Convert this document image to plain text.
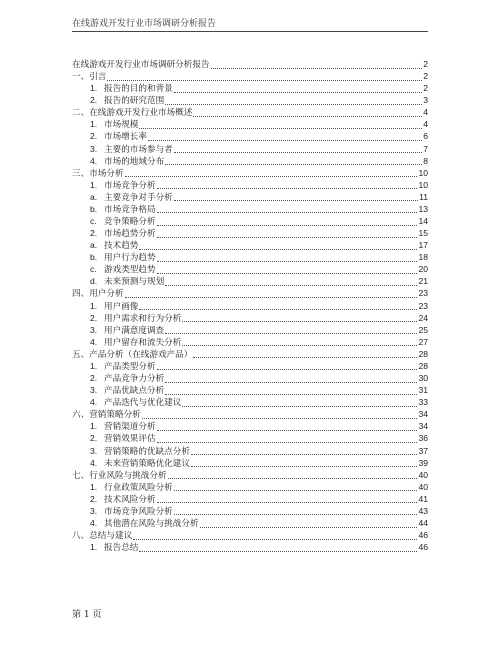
在线游戏开发行业市场调研分析报告
在线游戏开发行业市场调研分析报告	2
一、引言	2
1. 报告的目的和背景	2
2. 报告的研究范围	3
二、在线游戏开发行业市场概述	4
1. 市场规模	4
2. 市场增长率	6
3. 主要的市场参与者	7
4. 市场的地域分布	8
三、市场分析	10
1. 市场竞争分析	10
a. 主要竞争对手分析	11
b. 市场竞争格局	13
c. 竞争策略分析	14
2. 市场趋势分析	15
a. 技术趋势	17
b. 用户行为趋势	18
c. 游戏类型趋势	20
d. 未来预测与规划	21
四、用户分析	23
1. 用户画像	23
2. 用户需求和行为分析	24
3. 用户满意度调查	25
4. 用户留存和流失分析	27
五、产品分析（在线游戏产品）	28
1. 产品类型分析	28
2. 产品竞争力分析	30
3. 产品优缺点分析	31
4. 产品迭代与优化建议	33
六、营销策略分析	34
1. 营销渠道分析	34
2. 营销效果评估	36
3. 营销策略的优缺点分析	37
4. 未来营销策略优化建议	39
七、行业风险与挑战分析	40
1. 行业政策风险分析	40
2. 技术风险分析	41
3. 市场竞争风险分析	43
4. 其他潜在风险与挑战分析	44
八、总结与建议	46
1. 报告总结	46
第 1 页
